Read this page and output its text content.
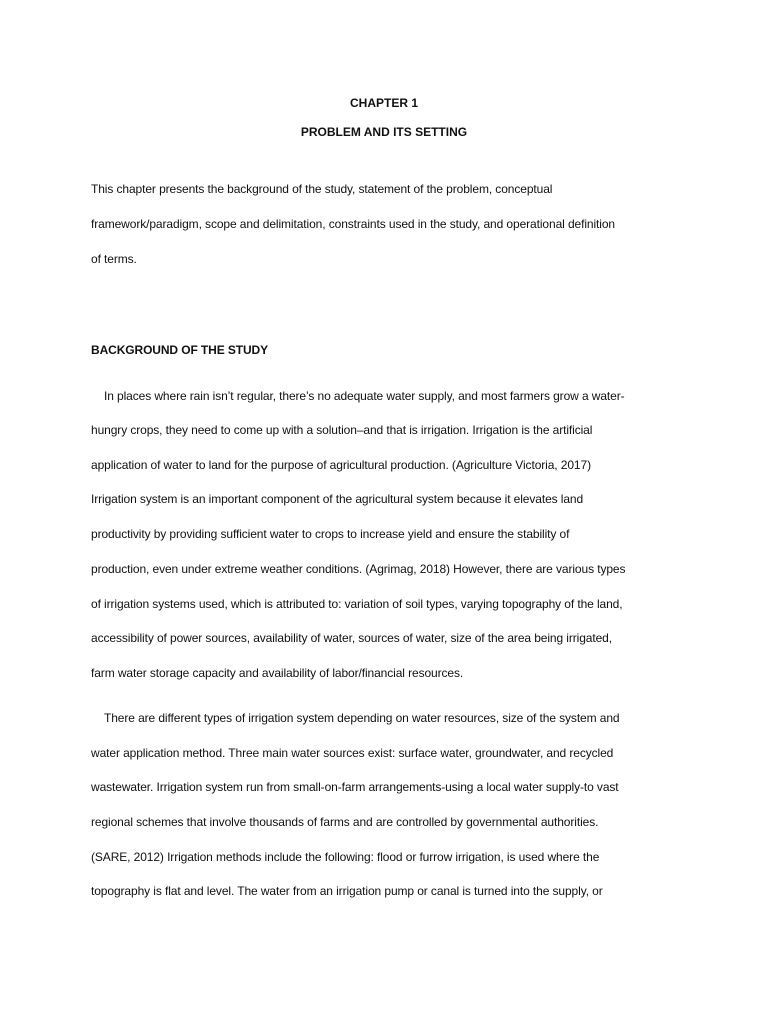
CHAPTER 1
PROBLEM AND ITS SETTING
This chapter presents the background of the study, statement of the problem, conceptual
framework/paradigm, scope and delimitation, constraints used in the study, and operational definition
of terms.
BACKGROUND OF THE STUDY
In places where rain isn’t regular, there’s no adequate water supply, and most farmers grow a water-
hungry crops, they need to come up with a solution–and that is irrigation. Irrigation is the artificial
application of water to land for the purpose of agricultural production. (Agriculture Victoria, 2017)
Irrigation system is an important component of the agricultural system because it elevates land
productivity by providing sufficient water to crops to increase yield and ensure the stability of
production, even under extreme weather conditions. (Agrimag, 2018) However, there are various types
of irrigation systems used, which is attributed to: variation of soil types, varying topography of the land,
accessibility of power sources, availability of water, sources of water, size of the area being irrigated,
farm water storage capacity and availability of labor/financial resources.
There are different types of irrigation system depending on water resources, size of the system and
water application method. Three main water sources exist: surface water, groundwater, and recycled
wastewater. Irrigation system run from small-on-farm arrangements-using a local water supply-to vast
regional schemes that involve thousands of farms and are controlled by governmental authorities.
(SARE, 2012) Irrigation methods include the following: flood or furrow irrigation, is used where the
topography is flat and level. The water from an irrigation pump or canal is turned into the supply, or
